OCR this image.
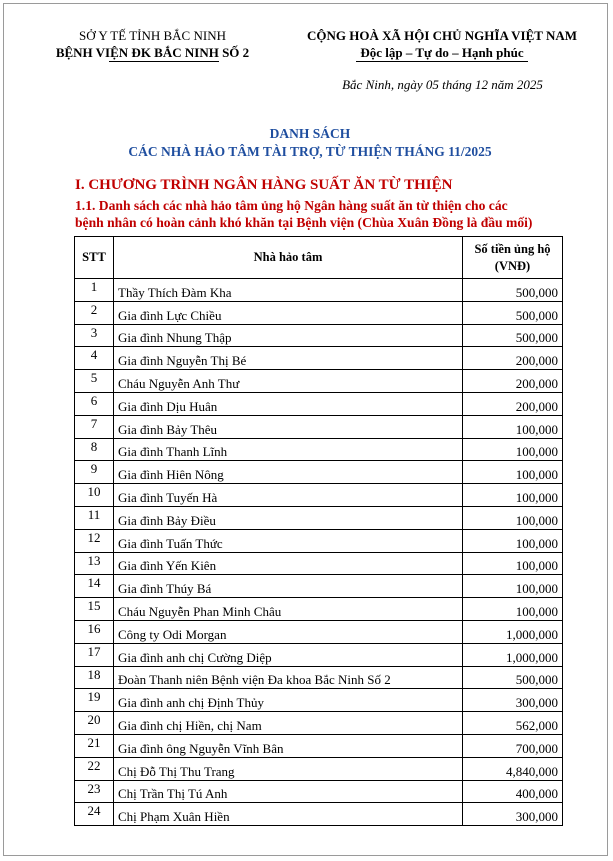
SỞ Y TẾ TỈNH BẮC NINH
BỆNH VIỆN ĐK BẮC NINH SỐ 2
CỘNG HOÀ XÃ HỘI CHỦ NGHĨA VIỆT NAM
Độc lập – Tự do – Hạnh phúc
Bắc Ninh, ngày 05 tháng 12 năm 2025
DANH SÁCH
CÁC NHÀ HẢO TÂM TÀI TRỢ, TỪ THIỆN THÁNG 11/2025
I. CHƯƠNG TRÌNH NGÂN HÀNG SUẤT ĂN TỪ THIỆN
1.1. Danh sách các nhà hảo tâm ủng hộ Ngân hàng suất ăn từ thiện cho các
bệnh nhân có hoàn cảnh khó khăn tại Bệnh viện (Chùa Xuân Đồng là đầu mối)
STT	Nhà hảo tâm	Số tiền ủng hộ
(VNĐ)

1	Thầy Thích Đàm Kha	500,000
2	Gia đình Lực Chiều	500,000
3	Gia đình Nhung Thập	500,000
4	Gia đình Nguyễn Thị Bé	200,000
5	Cháu Nguyễn Anh Thư	200,000
6	Gia đình Dịu Huân	200,000
7	Gia đình Bảy Thêu	100,000
8	Gia đình Thanh Lĩnh	100,000
9	Gia đình Hiên Nông	100,000
10	Gia đình Tuyến Hà	100,000
11	Gia đình Bảy Điều	100,000
12	Gia đình Tuấn Thức	100,000
13	Gia đình Yến Kiên	100,000
14	Gia đình Thúy Bá	100,000
15	Cháu Nguyễn Phan Minh Châu	100,000
16	Công ty Odi Morgan	1,000,000
17	Gia đình anh chị Cường Diệp	1,000,000
18	Đoàn Thanh niên Bệnh viện Đa khoa Bắc Ninh Số 2	500,000
19	Gia đình anh chị Định Thủy	300,000
20	Gia đình chị Hiền, chị Nam	562,000
21	Gia đình ông Nguyễn Vĩnh Bân	700,000
22	Chị Đỗ Thị Thu Trang	4,840,000
23	Chị Trần Thị Tú Anh	400,000
24	Chị Phạm Xuân Hiền	300,000
